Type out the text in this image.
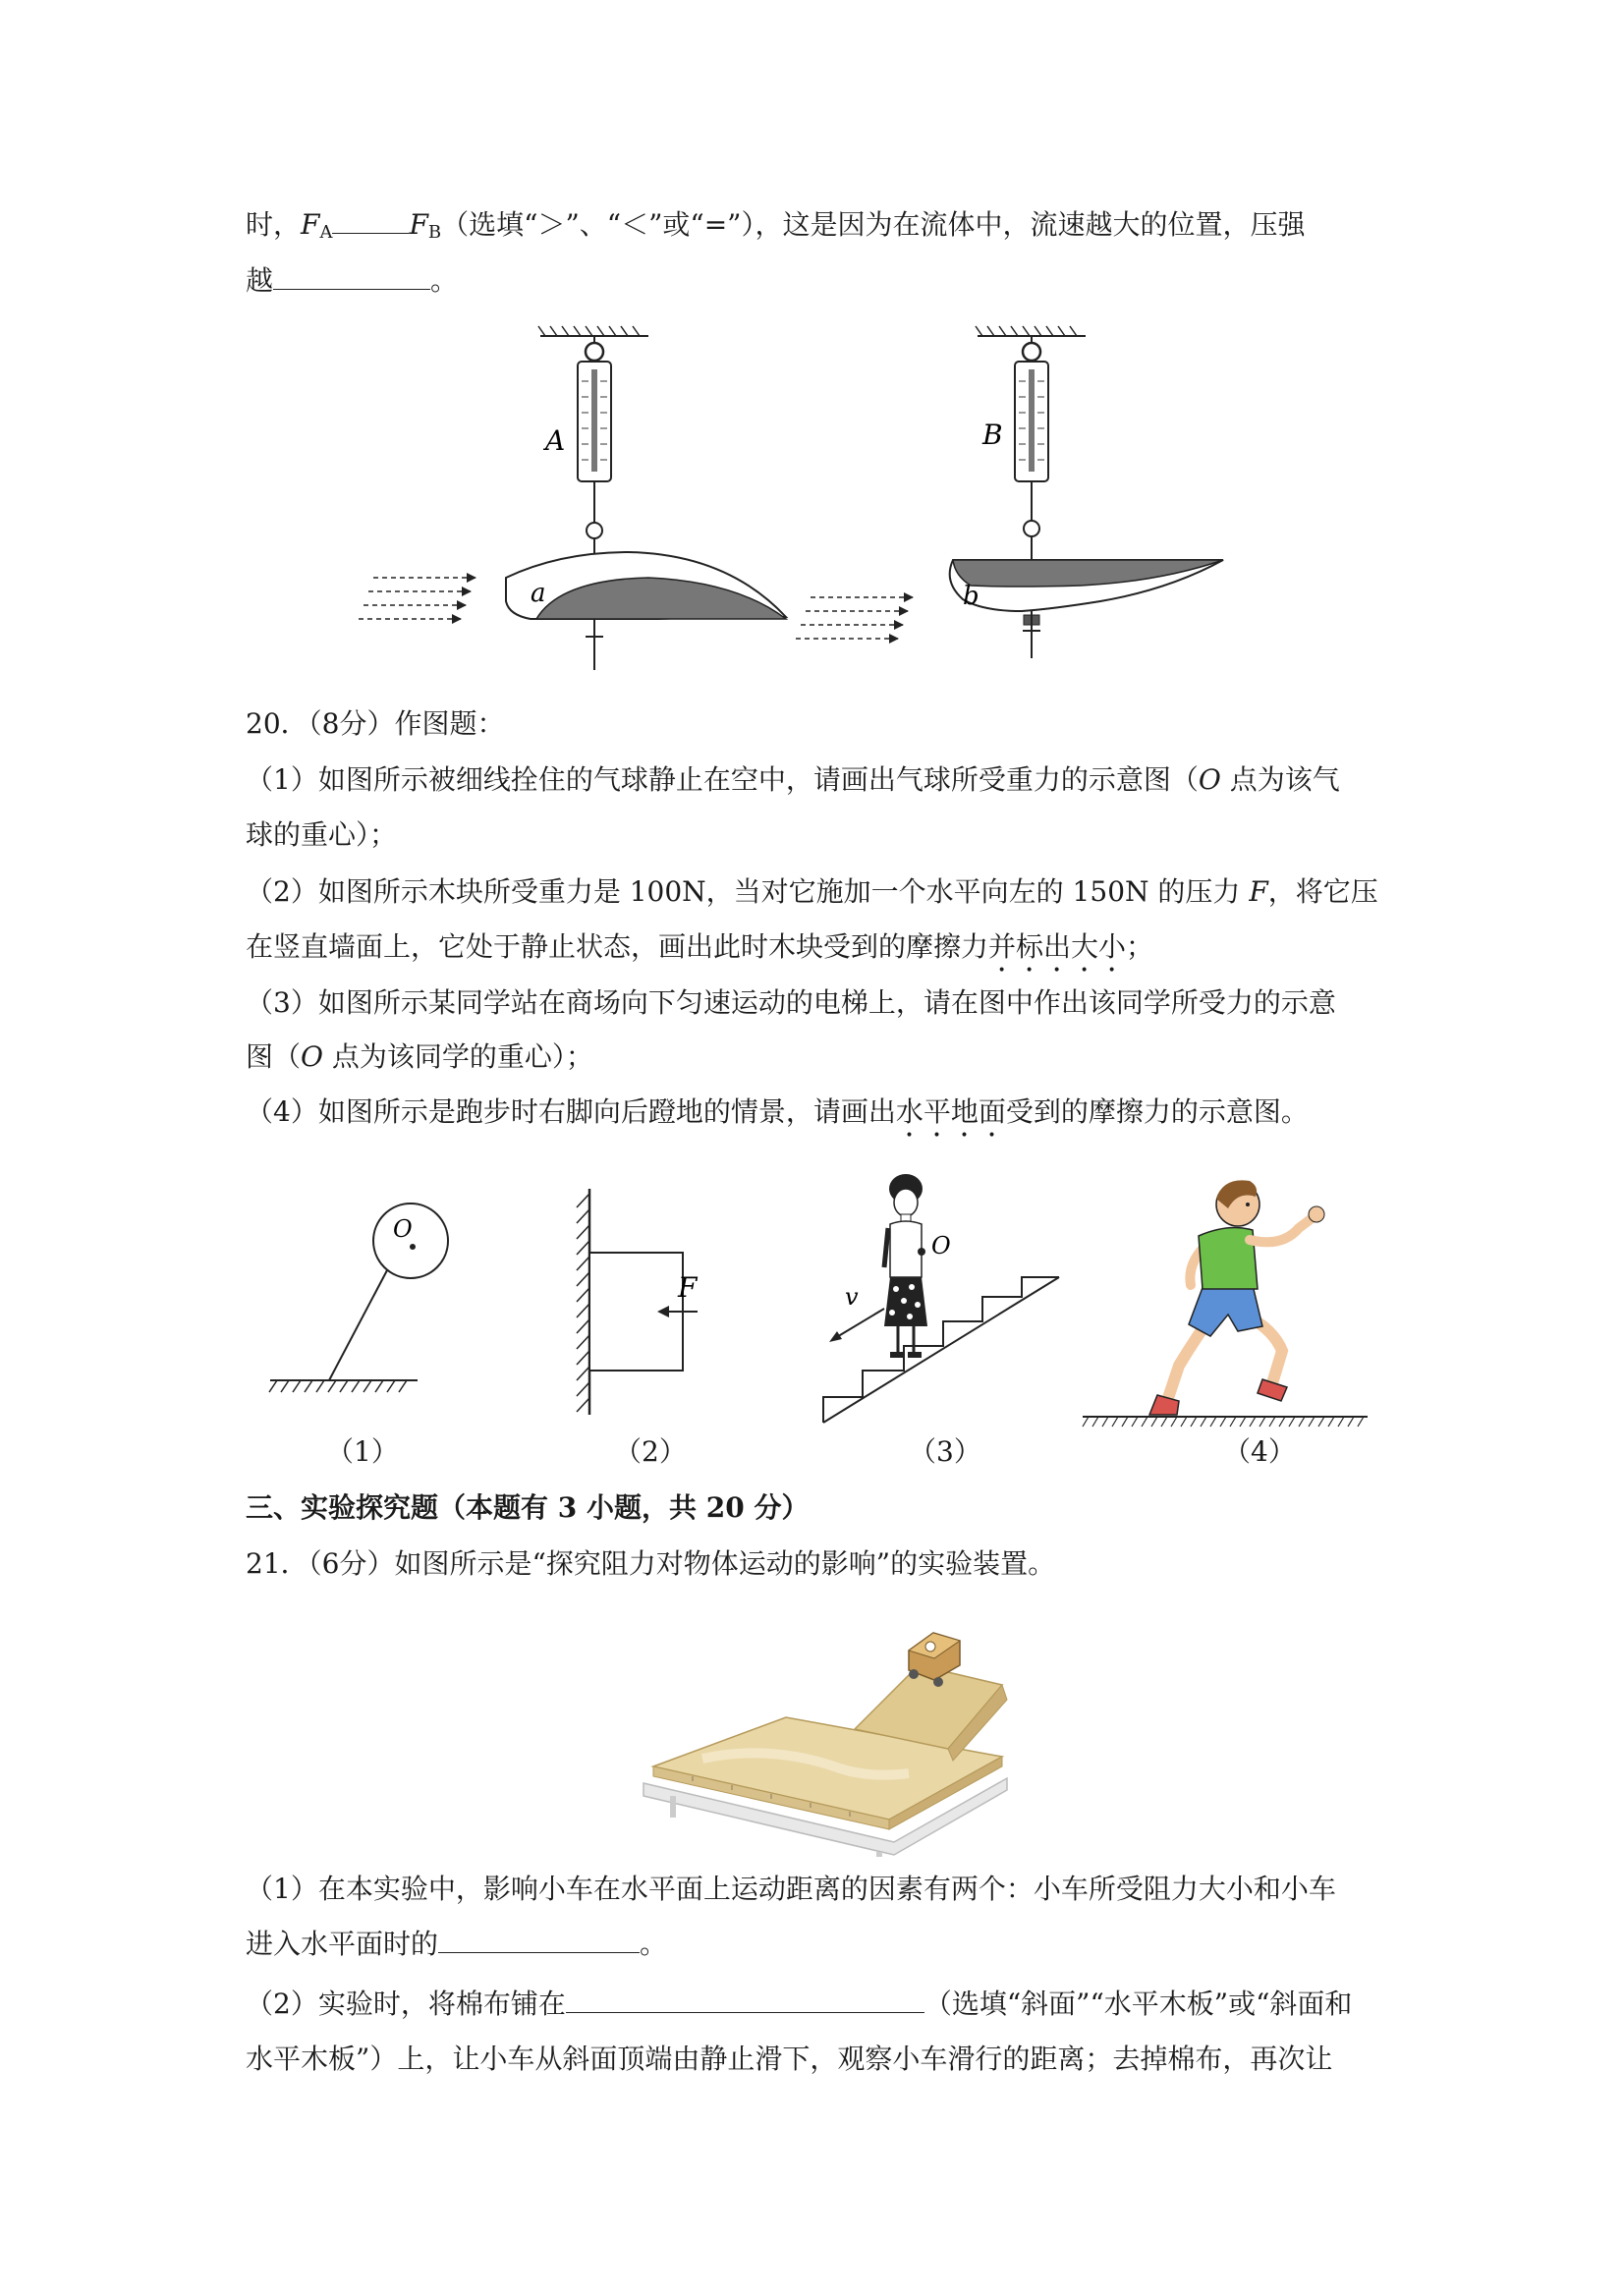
时，$F_A$	$F_B$（选填“＞”、“＜”或“=”），这是因为在流体中，流速越大的位置，压强
越	。
a
A
b
B
20．（8分）作图题：
（1）如图所示被细线拴住的气球静止在空中，请画出气球所受重力的示意图（O 点为该气
球的重心）；
（2）如图所示木块所受重力是 100N，当对它施加一个水平向左的 150N 的压力 F，将它压
在竖直墙面上，它处于静止状态，画出此时木块受到的摩擦力并标出大小；
（3）如图所示某同学站在商场向下匀速运动的电梯上，请在图中作出该同学所受力的示意
图（O 点为该同学的重心）；
（4）如图所示是跑步时右脚向后蹬地的情景，请画出水平地面受到的摩擦力的示意图。
O
F
O
v
（1）	（2）	（3）	（4）
三、实验探究题（本题有 3 小题，共 20 分）
21．（6分）如图所示是“探究阻力对物体运动的影响”的实验装置。
（1）在本实验中，影响小车在水平面上运动距离的因素有两个：小车所受阻力大小和小车
进入水平面时的	。
（2）实验时，将棉布铺在	（选填“斜面”“水平木板”或“斜面和
水平木板”）上，让小车从斜面顶端由静止滑下，观察小车滑行的距离；去掉棉布，再次让
